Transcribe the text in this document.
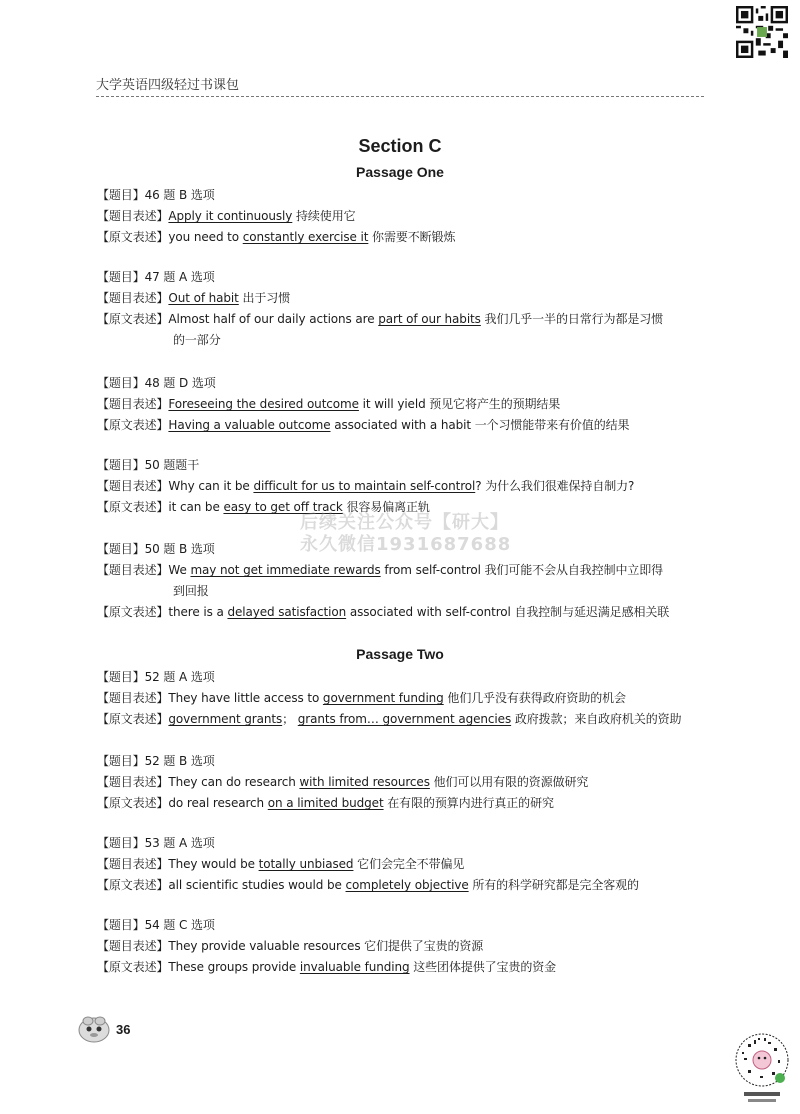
大学英语四级轻过书课包
Section C
Passage One
【题目】46 题 B 选项
【题目表述】Apply it continuously 持续使用它
【原文表述】you need to constantly exercise it 你需要不断锻炼
【题目】47 题 A 选项
【题目表述】Out of habit 出于习惯
【原文表述】Almost half of our daily actions are part of our habits 我们几乎一半的日常行为都是习惯
的一部分
【题目】48 题 D 选项
【题目表述】Foreseeing the desired outcome it will yield 预见它将产生的预期结果
【原文表述】Having a valuable outcome associated with a habit 一个习惯能带来有价值的结果
【题目】50 题题干
【题目表述】Why can it be difficult for us to maintain self-control? 为什么我们很难保持自制力?
【原文表述】it can be easy to get off track 很容易偏离正轨
【题目】50 题 B 选项
【题目表述】We may not get immediate rewards from self-control 我们可能不会从自我控制中立即得
到回报
【原文表述】there is a delayed satisfaction associated with self-control 自我控制与延迟满足感相关联
Passage Two
【题目】52 题 A 选项
【题目表述】They have little access to government funding 他们几乎没有获得政府资助的机会
【原文表述】government grants； grants from… government agencies 政府拨款；来自政府机关的资助
【题目】52 题 B 选项
【题目表述】They can do research with limited resources 他们可以用有限的资源做研究
【原文表述】do real research on a limited budget 在有限的预算内进行真正的研究
【题目】53 题 A 选项
【题目表述】They would be totally unbiased 它们会完全不带偏见
【原文表述】all scientific studies would be completely objective 所有的科学研究都是完全客观的
【题目】54 题 C 选项
【题目表述】They provide valuable resources 它们提供了宝贵的资源
【原文表述】These groups provide invaluable funding 这些团体提供了宝贵的资金
后续关注公众号【研大】
永久微信1931687688
36
